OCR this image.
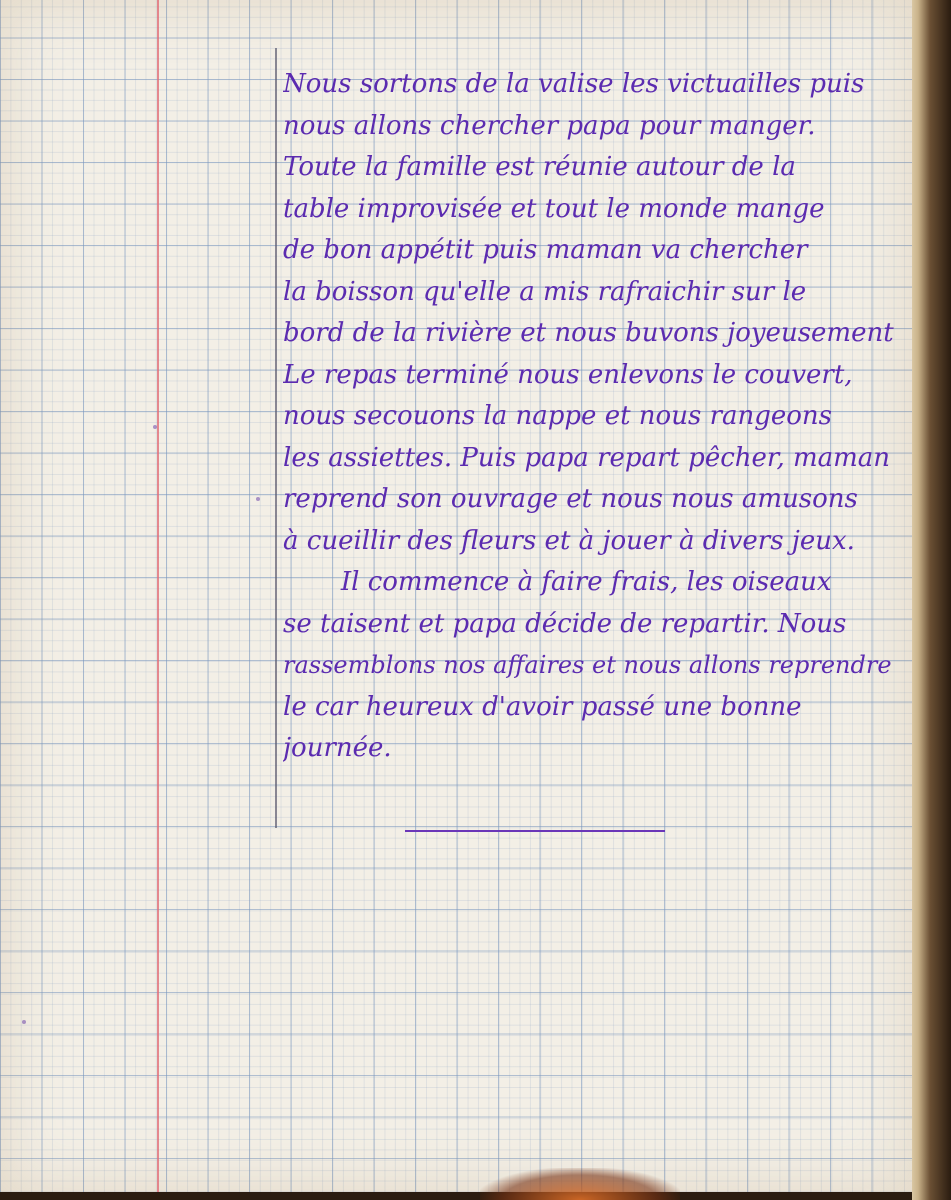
Nous sortons de la valise les victuailles puis
nous allons chercher papa pour manger.
Toute la famille est réunie autour de la
table improvisée et tout le monde mange
de bon appétit puis maman va chercher
la boisson qu'elle a mis rafraichir sur le
bord de la rivière et nous buvons joyeusement
Le repas terminé nous enlevons le couvert,
nous secouons la nappe et nous rangeons
les assiettes. Puis papa repart pêcher, maman
reprend son ouvrage et nous nous amusons
à cueillir des fleurs et à jouer à divers jeux.
Il commence à faire frais, les oiseaux
se taisent et papa décide de repartir. Nous
rassemblons nos affaires et nous allons reprendre
le car heureux d'avoir passé une bonne
journée.
